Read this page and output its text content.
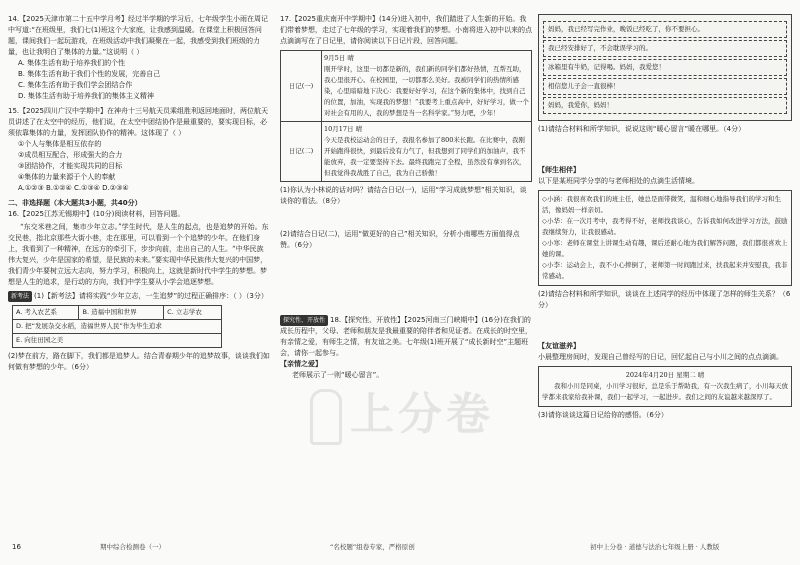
14.【2025天津市第二十五中学月考】经过半学期的学习后，七年级学生小雨在周记中写道:“在班级里，我们七(1)班这个大家庭，让我感到温暖。在课堂上积极回答问题，课间我们一起玩游戏，在班级活动中我们凝聚在一起，我感受到我们班级的力量，也让我明白了集体的力量。”这说明（ ）

A. 集体生活有助于培养我们的个性

B. 集体生活有助于我们个性的发展，完善自己

C. 集体生活有助于我们学会团结合作

D. 集体生活有助于培养我们的集体主义精神

15.【2025四川广汉中学期中】在神舟十三号航天员乘组胜利返回地面时，两位航天员讲述了在太空中的经历，他们说，在太空中团结协作是最重要的，要实现目标，必须依靠集体的力量，发挥团队协作的精神。这体现了（ ）

①个人与集体是相互依存的

②成员相互配合，形成强大的合力

③团结协作，才能实现共同的目标

④集体的力量来源于个人的奉献

A.①②③ B.①②④ C.①③④ D.②③④

二、非选择题（本大题共3小题，共40分）

16.【2025江苏无锡期中】(10分)阅读材料，回答问题。

“东交米巷之间，集市少年立志。”学生时代，是人生的起点，也是追梦的开始。东交民巷，指北京那些大街小巷，走在那里，可以看到一个个追梦的少年。在他们身上，我看到了一种精神，在远方的牵引下，步步向前，走出自己的人生。“中华民族伟大复兴，少年是国家的希望，是民族的未来。”要实现中华民族伟大复兴的中国梦，我们青少年要树立远大志向，努力学习，积极向上，这就是新时代中学生的梦想。梦想是人生的追求，是行动的方向，我们中学生要从小学会追逐梦想。

新考法 (1)【新考法】请将实践“少年立志，一生追梦”的过程正确排序：（ ）（3分）

A. 考入农艺系	B. 造福中国和世界	C. 立志学农
D. 把“发展杂交水稻，造福世界人民”作为毕生追求
E. 向往田园之美

(2)梦在前方，路在脚下，我们都是追梦人。结合青春期少年的追梦故事，谈谈我们如何做有梦想的少年。（6分）

17.【2025重庆南开中学期中】(14分)进入初中，我们踏进了人生新的开始。我们带着梦想，走过了七年级的学习，实现着我们的梦想。小南将进入初中以来的点点滴滴写在了日记里，请你阅读以下日记片段，回答问题。

日记(一)	9月5日 晴

刚开学时，这里一切都是新的，我们新的同学们都好热情，互帮互助，我心里很开心。在校园里，一切都那么美好。我被同学们的热情所感染，心里暗暗地下决心：我要好好学习，在这个新的集体中，找到自己的位置，加油，实现我的梦想！“我要考上重点高中，好好学习，做一个对社会有用的人，我的梦想是当一名科学家。”努力吧，少年！

日记(二)	10月17日 晴

今天是我校运动会的日子，我报名参加了800米长跑。在比赛中，我刚开始跑得很快，到最后没有力气了，但我想到了同学们的加油声，我不能放弃，我一定要坚持下去。最终我跑完了全程，虽然没有拿到名次，但我觉得我战胜了自己，我为自己骄傲！

(1)你认为小林说的话对吗？请结合日记(一)，运用“学习成就梦想”相关知识，谈谈你的看法。（8分）

(2)请结合日记(二)，运用“做更好的自己”相关知识，分析小南哪些方面值得点赞。（6分）

探究性、开放性 18.【探究性、开放性】【2025河南三门峡期中】(16分)在我们的成长历程中，父母、老师和朋友是我最重要的陪伴者和见证者。在成长的时空里，有亲情之爱，有师生之情，有友谊之美。七年级(1)班开展了“成长新时空”主题班会，请你一起参与。

【亲情之爱】

老师展示了一则“暖心留言”。

上分卷
妈妈，我已经写完作业，晚饭已经吃了，你不要担心。
我已经安排好了，不会耽误学习的。
冰箱里有牛奶，记得喝。妈妈，我爱您！
相信您儿子会一直很棒！
妈妈，我爱你，妈妈！

(1)请结合材料和所学知识，说说这则“暖心留言”暖在哪里。（4分）

【师生相伴】

以下是某班同学分享的与老师相处的点滴生活情境。

◇小涵：我很喜欢我们的班主任，她总是面带微笑，温和细心地指导我们的学习和生活，像妈妈一样亲切。

◇小华：在一次月考中，我考得不好，老师找我谈心，告诉我如何改进学习方法，鼓励我继续努力，让我很感动。

◇小寒：老师在课堂上讲课生动有趣，课后还耐心地为我们解答问题，我们都很喜欢上她的课。

◇小李：运动会上，我不小心摔倒了，老师第一时间跑过来，扶我起来并安慰我，我非常感动。

(2)请结合材料和所学知识，谈谈在上述同学的经历中体现了怎样的师生关系？（6分）

【友谊滋养】

小晨整理房间时，发现自己曾经写的日记，回忆起自己与小川之间的点点滴滴。

2024年4月20日 星期二 晴

我和小川是同桌，小川学习很好，总是乐于帮助我，有一次我生病了，小川每天放学都来我家给我补课，我们一起学习，一起进步。我们之间的友谊越来越深厚了。

(3)请你谈谈这篇日记给你的感悟。（6分）

16	期中综合检测卷（一）	“名校题”组卷专家，严格原创	初中上分卷 · 道德与法治七年级上册 · 人教版
